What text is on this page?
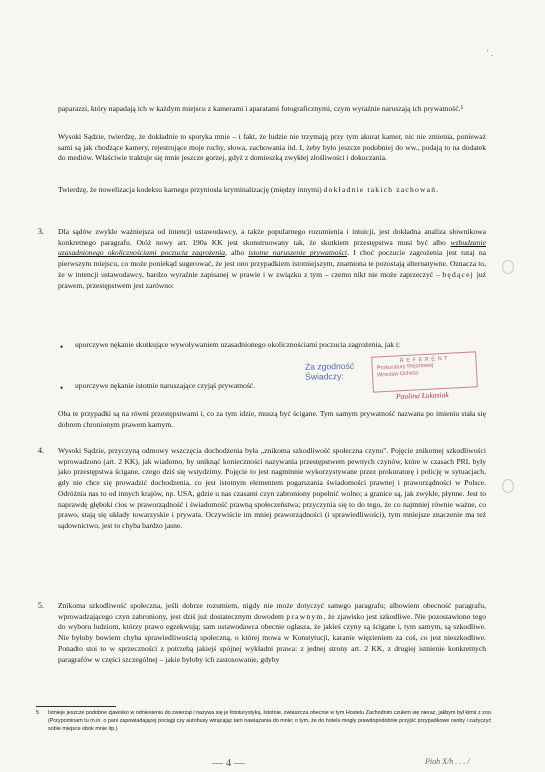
' .

paparazzi, który napadają ich w każdym miejscu z kamerami i aparatami fotograficznymi, czym wyraźnie naruszają ich prywatność.⁵

Wysoki Sądzie, twierdzę, że dokładnie to spotyka mnie – i fakt, że ludzie nie trzymają przy tym akurat kamer, nic nie zmienia, ponieważ sami są jak chodzące kamery, rejestrujące moje ruchy, słowa, zachowania itd. I, żeby było jeszcze podobniej do ww., podają to na dodatek do mediów. Właściwie traktuje się mnie jeszcze gorzej, gdyż z domieszką zwykłej złośliwości i dokuczania.

Twierdzę, że nowelizacja kodeksu karnego przyniosła kryminalizację (między innymi) dokładnie takich zachowań.

3. Dla sądów zwykle ważniejsza od intencji ustawodawcy, a także popularnego rozumienia i intuicji, jest dokładna analiza słownikowa konkretnego paragrafu. Otóż nowy art. 190a KK jest skonstruowany tak, że skutkiem przestępstwa musi być albo wzbudzanie uzasadnionego okolicznościami poczucia zagrożenia, albo istotne naruszenie prywatności. I choć poczucie zagrożenia jest tutaj na pierwszym miejscu, co może poniekąd sugerować, że jest ono przypadkiem istotniejszym, znamiona te pozostają alternatywne. Oznacza to, że w intencji ustawodawcy, bardzo wyraźnie zapisanej w prawie i w związku z tym – czemu nikt nie może zaprzeczyć – będącej już prawem, przestępstwem jest zarówno:

• uporczywe nękanie skutkujące wywoływaniem uzasadnionego okolicznościami poczucia zagrożenia, jak i:

• uporczywe nękanie istotnie naruszające czyjąś prywatność.

Oba te przypadki są na równi przestępstwami i, co za tym idzie, muszą być ścigane. Tym samym prywatność nazwana po imieniu stała się dobrem chronionym prawem karnym.

4. Wysoki Sądzie, przyczyną odmowy wszczęcia dochodzenia była „znikoma szkodliwość społeczna czynu". Pojęcie znikomej szkodliwości wprowadzono (art. 2 KK), jak wiadomo, by uniknąć konieczności nazywania przestępstwem pewnych czynów, które w czasach PRL były jako przestępstwa ścigane, czego dziś się wstydzimy. Pojęcie to jest nagminnie wykorzystywane przez prokuraturę i policję w sytuacjach, gdy nie chce się prowadzić dochodzenia, co jest istotnym elementem pogarszania świadomości prawnej i praworządności w Polsce. Odróżnia nas to od innych krajów, np. USA, gdzie u nas czasami czyn zabroniony popełnić wolno; a granice są, jak zwykle, płynne. Jest to naprawdę głęboki cios w praworządność i świadomość prawną społeczeństwa; przyczynia się to do tego, że co najmniej równie ważne, co prawo, stają się układy towarzyskie i prywata. Oczywiście im mniej praworządności (i sprawiedliwości), tym mniejsze znaczenie ma też sądownictwo, jest to chyba bardzo jasne.

5. Znikoma szkodliwość społeczna, jeśli dobrze rozumiem, nigdy nie może dotyczyć samego paragrafu; albowiem obecność paragrafu, wprowadzającego czyn zabroniony, jest dziś już dostatecznym dowodem prawnym, że zjawisko jest szkodliwe. Nie pozostawiono tego do wyboru ludziom, którzy prawo egzekwują; sam ustawodawca obecnie ogłasza, że jakieś czyny są ścigane i, tym samym, są szkodliwe. Nie byłoby bowiem chyba sprawiedliwością społeczną, o której mowa w Konstytucji, karanie więzieniem za coś, co jest nieszkodliwe. Ponadto stoi to w sprzeczności z potrzebą jakiejś spójnej wykładni prawa: z jednej strony art. 2 KK, z drugiej istnienie konkretnych paragrafów w części szczególnej – jakie byłoby ich zastosowanie, gdyby

5 Istnieje jeszcze podobne zjawisko w odniesieniu do zwierząt i nazywa się je fototurystyką. Istotnie, zwłaszcza obecnie w tym Hostelu Zachodnim czułem się nieraz, jakbym był kimś z zoo. (Przypominam tu m.in. o pani zapowiadającej pociągi czy autobusy wtrącając tam nawiązania do mnie; o tym, że do hotelu mogły prawdopodobnie przyjść przypadkowe osoby i zażyczyć sobie miejsce obok mnie itp.)
Za zgodność
Świadczy:
R E F E R E N T
Prokuratury Rejonowej
Wrocław Ochota
Paulina Łukasiak
— 4 —	Pioh X/h . . . /
